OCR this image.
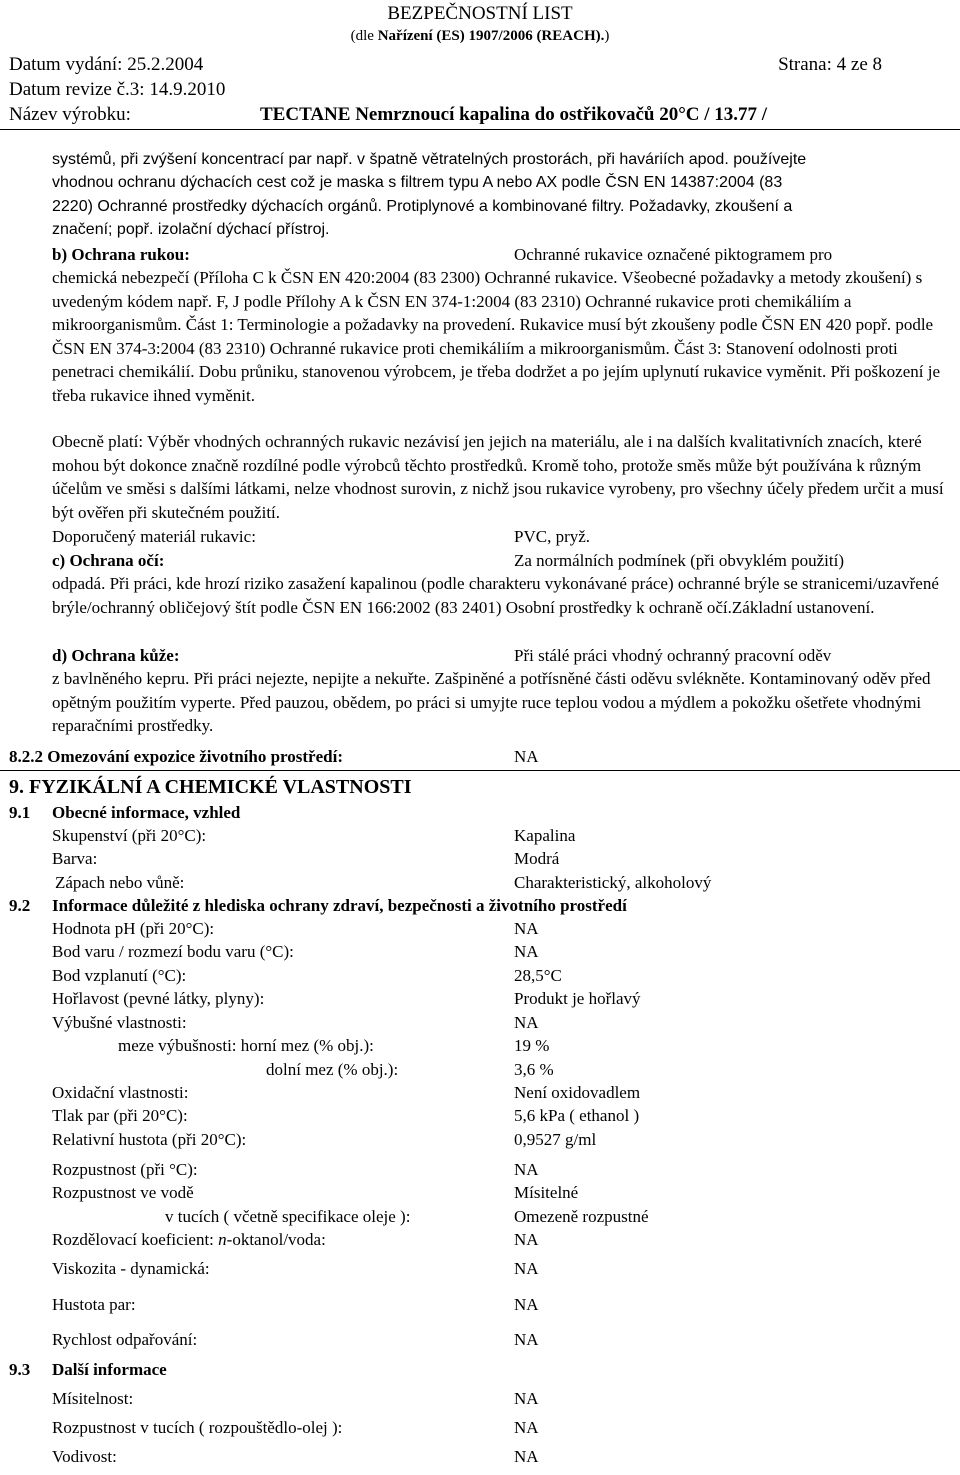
BEZPEČNOSTNÍ LIST
(dle Nařízení (ES) 1907/2006 (REACH).)
Datum vydání: 25.2.2004	Strana: 4 ze 8
Datum revize č.3: 14.9.2010
Název výrobku:	TECTANE Nemrznoucí kapalina do ostřikovačů 20°C / 13.77 /
systémů, při zvýšení koncentrací par např. v špatně větratelných prostorách, při haváriích apod. používejte
vhodnou ochranu dýchacích cest což je maska s filtrem typu A nebo AX podle ČSN EN 14387:2004 (83
2220) Ochranné prostředky dýchacích orgánů. Protiplynové a kombinované filtry. Požadavky, zkoušení a
značení; popř. izolační dýchací přístroj.
b) Ochrana rukou:	Ochranné rukavice označené piktogramem pro
chemická nebezpečí (Příloha C k ČSN EN 420:2004 (83 2300) Ochranné rukavice. Všeobecné požadavky a metody zkoušení) s uvedeným kódem např. F, J podle Přílohy A k ČSN EN 374-1:2004 (83 2310) Ochranné rukavice proti chemikáliím a mikroorganismům. Část 1: Terminologie a požadavky na provedení. Rukavice musí být zkoušeny podle ČSN EN 420 popř. podle ČSN EN 374-3:2004 (83 2310) Ochranné rukavice proti chemikáliím a mikroorganismům. Část 3: Stanovení odolnosti proti penetraci chemikálií. Dobu průniku, stanovenou výrobcem, je třeba dodržet a po jejím uplynutí rukavice vyměnit. Při poškození je třeba rukavice ihned vyměnit.
Obecně platí: Výběr vhodných ochranných rukavic nezávisí jen jejich na materiálu, ale i na dalších kvalitativních znacích, které mohou být dokonce značně rozdílné podle výrobců těchto prostředků. Kromě toho, protože směs může být používána k různým účelům ve směsi s dalšími látkami, nelze vhodnost surovin, z nichž jsou rukavice vyrobeny, pro všechny účely předem určit a musí být ověřen při skutečném použití.
Doporučený materiál rukavic:	PVC, pryž.
c) Ochrana očí:	Za normálních podmínek (při obvyklém použití)
odpadá. Při práci, kde hrozí riziko zasažení kapalinou (podle charakteru vykonávané práce) ochranné brýle se stranicemi/uzavřené brýle/ochranný obličejový štít podle ČSN EN 166:2002 (83 2401) Osobní prostředky k ochraně očí.Základní ustanovení.
d) Ochrana kůže:	Při stálé práci vhodný ochranný pracovní oděv
z bavlněného kepru. Při práci nejezte, nepijte a nekuřte. Zašpiněné a potřísněné části oděvu svlékněte. Kontaminovaný oděv před opětným použitím vyperte. Před pauzou, obědem, po práci si umyjte ruce teplou vodou a mýdlem a pokožku ošetřete vhodnými reparačními prostředky.
8.2.2 Omezování expozice životního prostředí:	NA
9. FYZIKÁLNÍ A CHEMICKÉ VLASTNOSTI
9.1 Obecné informace, vzhled
Skupenství (při 20°C):	Kapalina
Barva:	Modrá
Zápach nebo vůně:	Charakteristický, alkoholový
9.2 Informace důležité z hlediska ochrany zdraví, bezpečnosti a životního prostředí
Hodnota pH (při 20°C):	NA
Bod varu / rozmezí bodu varu (°C):	NA
Bod vzplanutí (°C):	28,5°C
Hořlavost (pevné látky, plyny):	Produkt je hořlavý
Výbušné vlastnosti:	NA
meze výbušnosti: horní mez (% obj.):	19 %
dolní mez (% obj.):	3,6 %
Oxidační vlastnosti:	Není oxidovadlem
Tlak par (při 20°C):	5,6 kPa ( ethanol )
Relativní hustota (při 20°C):	0,9527 g/ml
Rozpustnost (při °C):	NA
Rozpustnost ve vodě	Mísitelné
v tucích ( včetně specifikace oleje ):	Omezeně rozpustné
Rozdělovací koeficient: n-oktanol/voda:	NA
Viskozita - dynamická:	NA
Hustota par:	NA
Rychlost odpařování:	NA
9.3 Další informace
Mísitelnost:	NA
Rozpustnost v tucích ( rozpouštědlo-olej ):	NA
Vodivost:	NA
